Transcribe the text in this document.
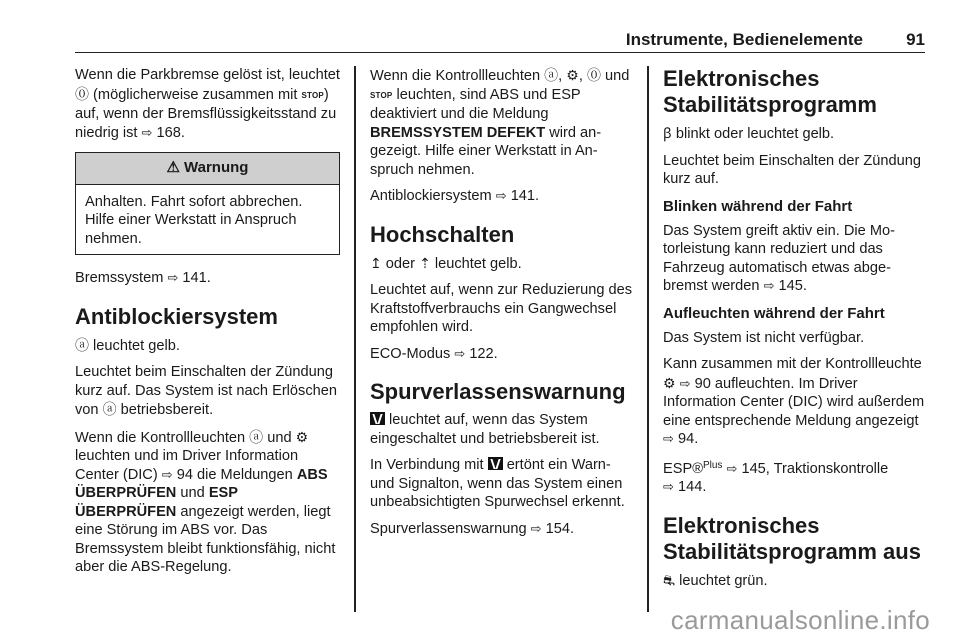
Instrumente, Bedienelemente	91

Wenn die Parkbremse gelöst ist, leuchtet ⓪ (möglicherweise zusammen mit STOP) auf, wenn der Bremsflüssigkeitsstand zu niedrig ist ⇨ 168.

⚠ Warnung
Anhalten. Fahrt sofort abbrechen. Hilfe einer Werkstatt in Anspruch nehmen.

Bremssystem ⇨ 141.

Antiblockiersystem

ⓐ leuchtet gelb.

Leuchtet beim Einschalten der Zündung kurz auf. Das System ist nach Erlöschen von ⓐ betriebsbereit.

Wenn die Kontrollleuchten ⓐ und ⚙ leuchten und im Driver Information Center (DIC) ⇨ 94 die Meldungen ABS ÜBERPRÜFEN und ESP ÜBERPRÜFEN angezeigt werden, liegt eine Störung im ABS vor. Das Bremssystem bleibt funktionsfähig, nicht aber die ABS-Regelung.

Wenn die Kontrollleuchten ⓐ, ⚙, ⓪ und STOP leuchten, sind ABS und ESP deaktiviert und die Meldung BREMSSYSTEM DEFEKT wird angezeigt. Hilfe einer Werkstatt in Anspruch nehmen.

Antiblockiersystem ⇨ 141.

Hochschalten

↥ oder ⇡ leuchtet gelb.

Leuchtet auf, wenn zur Reduzierung des Kraftstoffverbrauchs ein Gangwechsel empfohlen wird.

ECO-Modus ⇨ 122.

Spurverlassenswarnung

leuchtet auf, wenn das System eingeschaltet und betriebsbereit ist.

In Verbindung mit  ertönt ein Warn- und Signalton, wenn das System einen unbeabsichtigten Spurwechsel erkennt.

Spurverlassenswarnung ⇨ 154.

Elektronisches Stabilitätsprogramm

ꞵ blinkt oder leuchtet gelb.

Leuchtet beim Einschalten der Zündung kurz auf.

Blinken während der Fahrt

Das System greift aktiv ein. Die Motorleistung kann reduziert und das Fahrzeug automatisch etwas abgebremst werden ⇨ 145.

Aufleuchten während der Fahrt

Das System ist nicht verfügbar.

Kann zusammen mit der Kontrollleuchte ⚙ ⇨ 90 aufleuchten. Im Driver Information Center (DIC) wird außerdem eine entsprechende Meldung angezeigt ⇨ 94.

ESP®$^{Plus}$ ⇨ 145, Traktionskontrolle
⇨ 144.

Elektronisches Stabilitätsprogramm aus

⛐ leuchtet grün.

carmanualsonline.info
